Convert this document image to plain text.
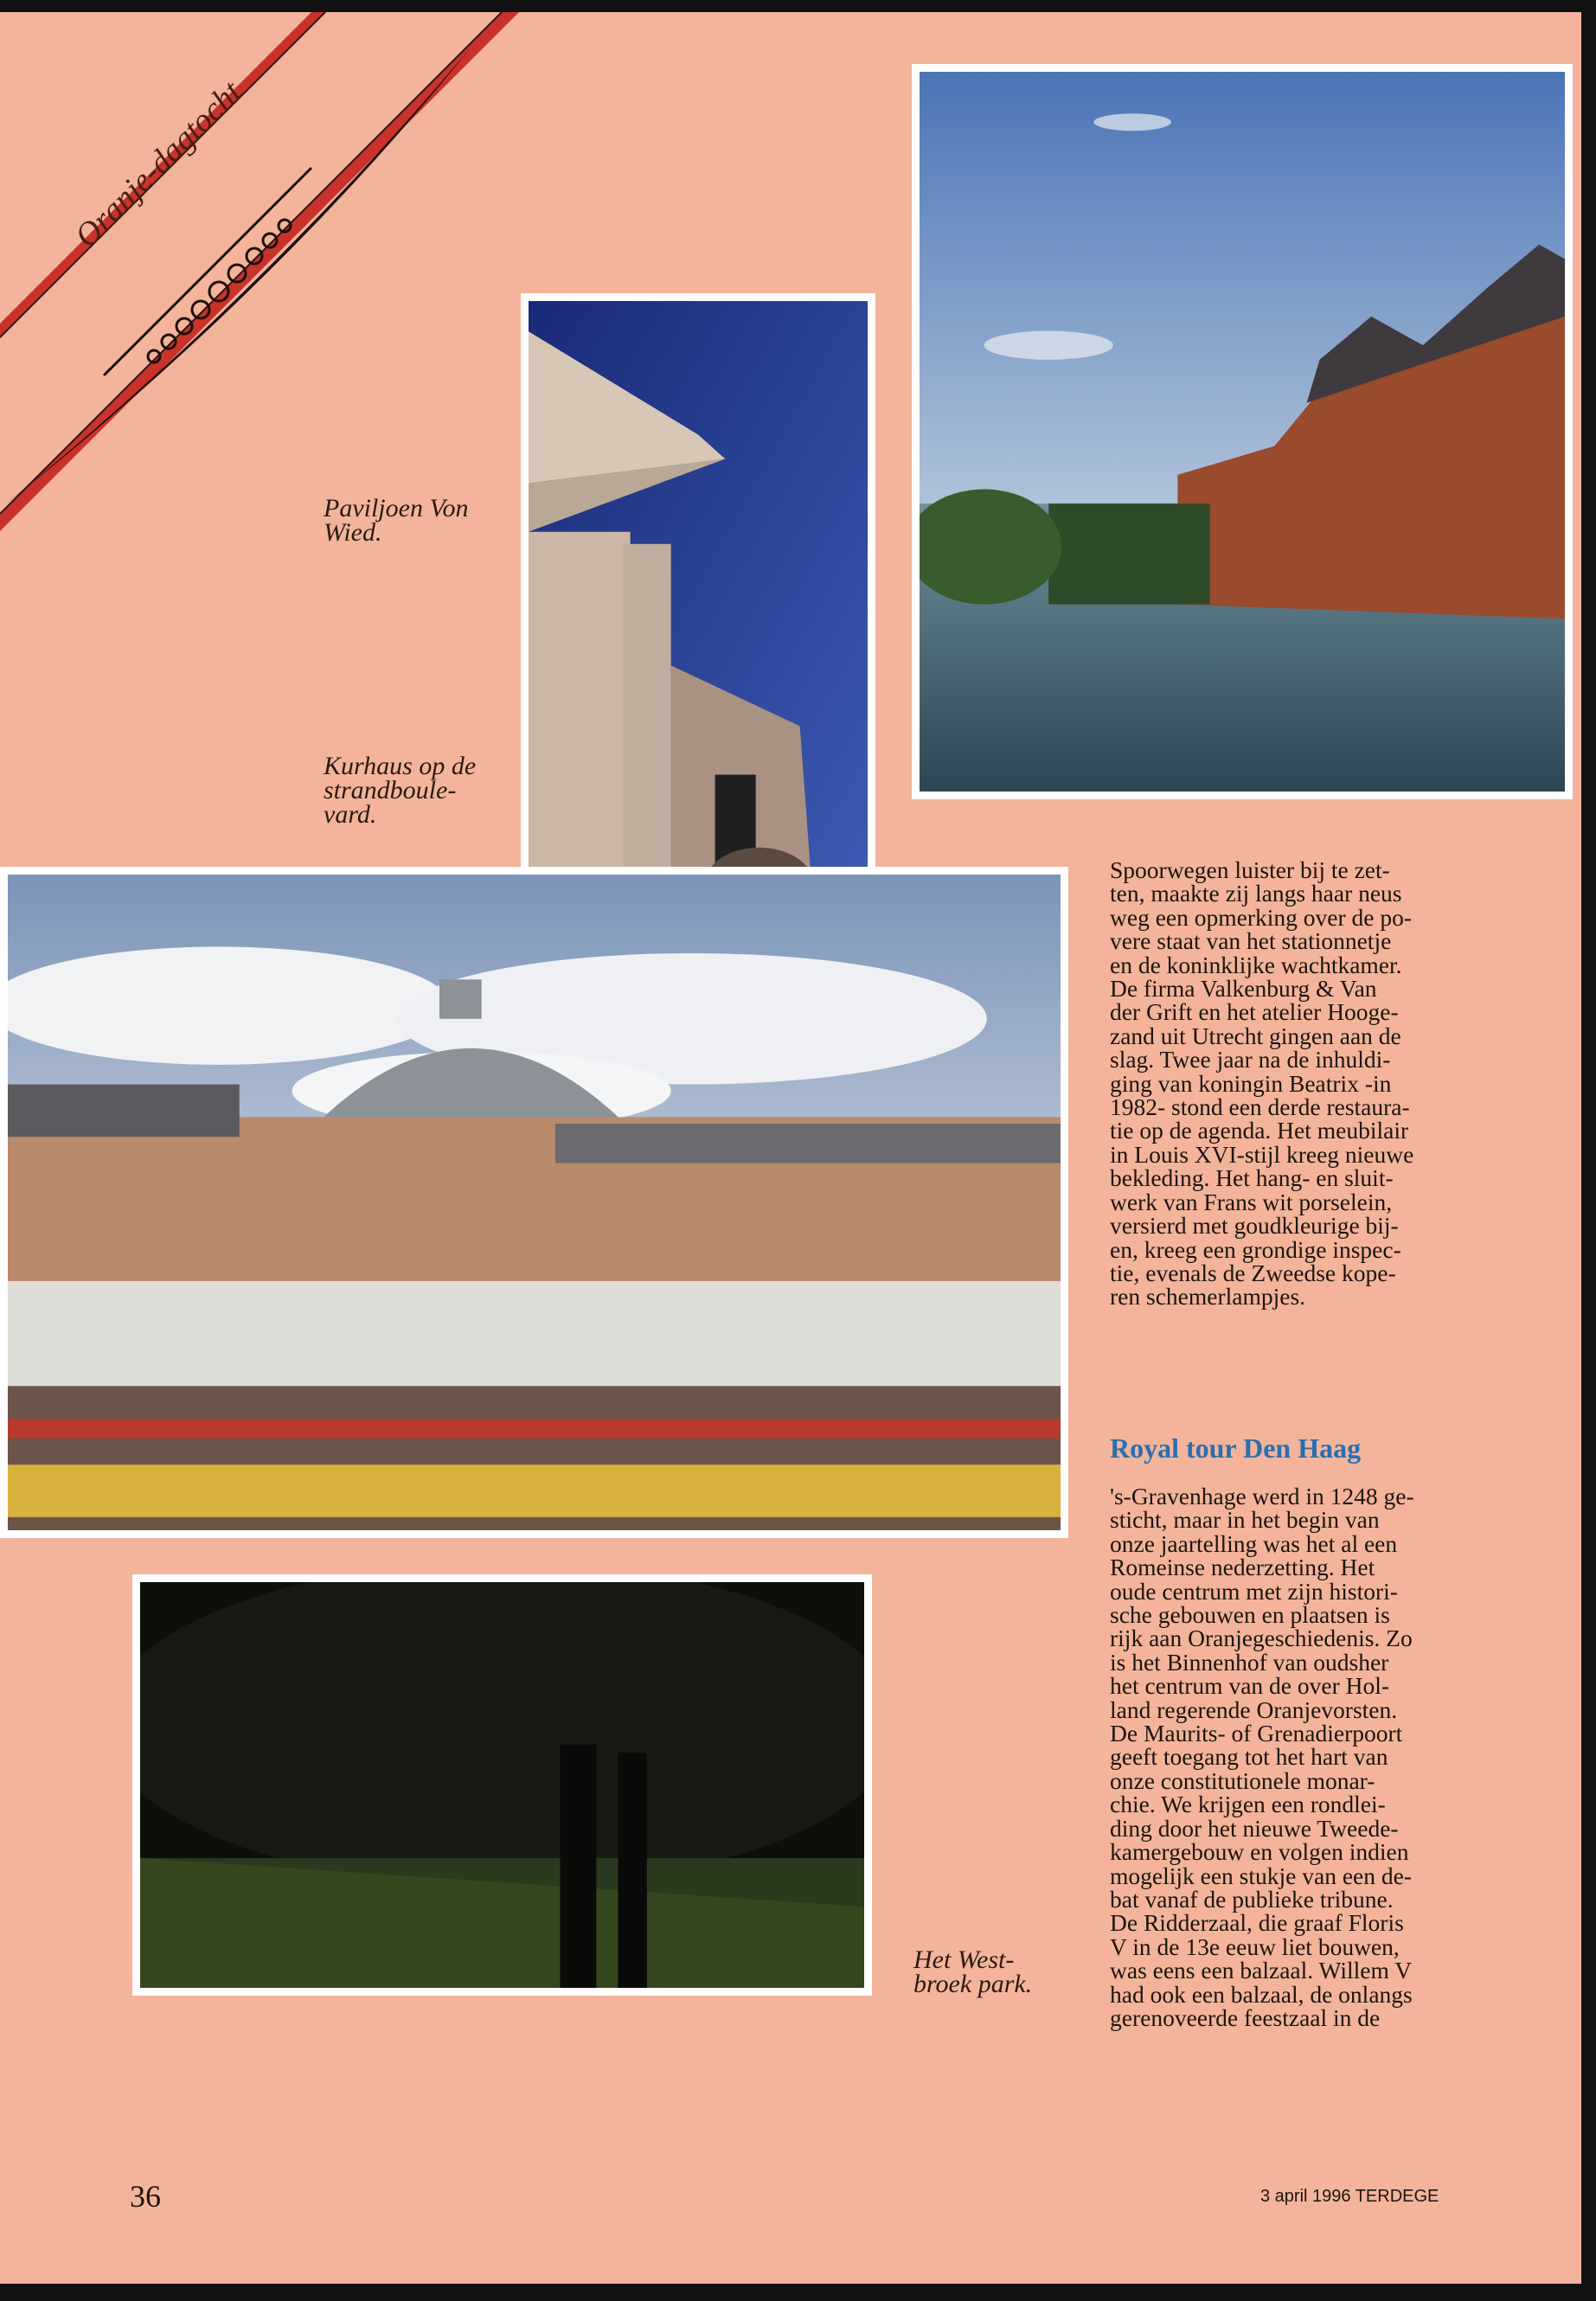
Oranje-dagtocht
Paviljoen Von
Wied.
Kurhaus op de
strandboule-
vard.
Het West-
broek park.
Spoorwegen luister bij te zet-
ten, maakte zij langs haar neus
weg een opmerking over de po-
vere staat van het stationnetje
en de koninklijke wachtkamer.
De firma Valkenburg & Van
der Grift en het atelier Hooge-
zand uit Utrecht gingen aan de
slag. Twee jaar na de inhuldi-
ging van koningin Beatrix -in
1982- stond een derde restaura-
tie op de agenda. Het meubilair
in Louis XVI-stijl kreeg nieuwe
bekleding. Het hang- en sluit-
werk van Frans wit porselein,
versierd met goudkleurige bij-
en, kreeg een grondige inspec-
tie, evenals de Zweedse kope-
ren schemerlampjes.
Royal tour Den Haag
's-Gravenhage werd in 1248 ge-
sticht, maar in het begin van
onze jaartelling was het al een
Romeinse nederzetting. Het
oude centrum met zijn histori-
sche gebouwen en plaatsen is
rijk aan Oranjegeschiedenis. Zo
is het Binnenhof van oudsher
het centrum van de over Hol-
land regerende Oranjevorsten.
De Maurits- of Grenadierpoort
geeft toegang tot het hart van
onze constitutionele monar-
chie. We krijgen een rondlei-
ding door het nieuwe Tweede-
kamergebouw en volgen indien
mogelijk een stukje van een de-
bat vanaf de publieke tribune.
De Ridderzaal, die graaf Floris
V in de 13e eeuw liet bouwen,
was eens een balzaal. Willem V
had ook een balzaal, de onlangs
gerenoveerde feestzaal in de
36	3 april 1996 TERDEGE
